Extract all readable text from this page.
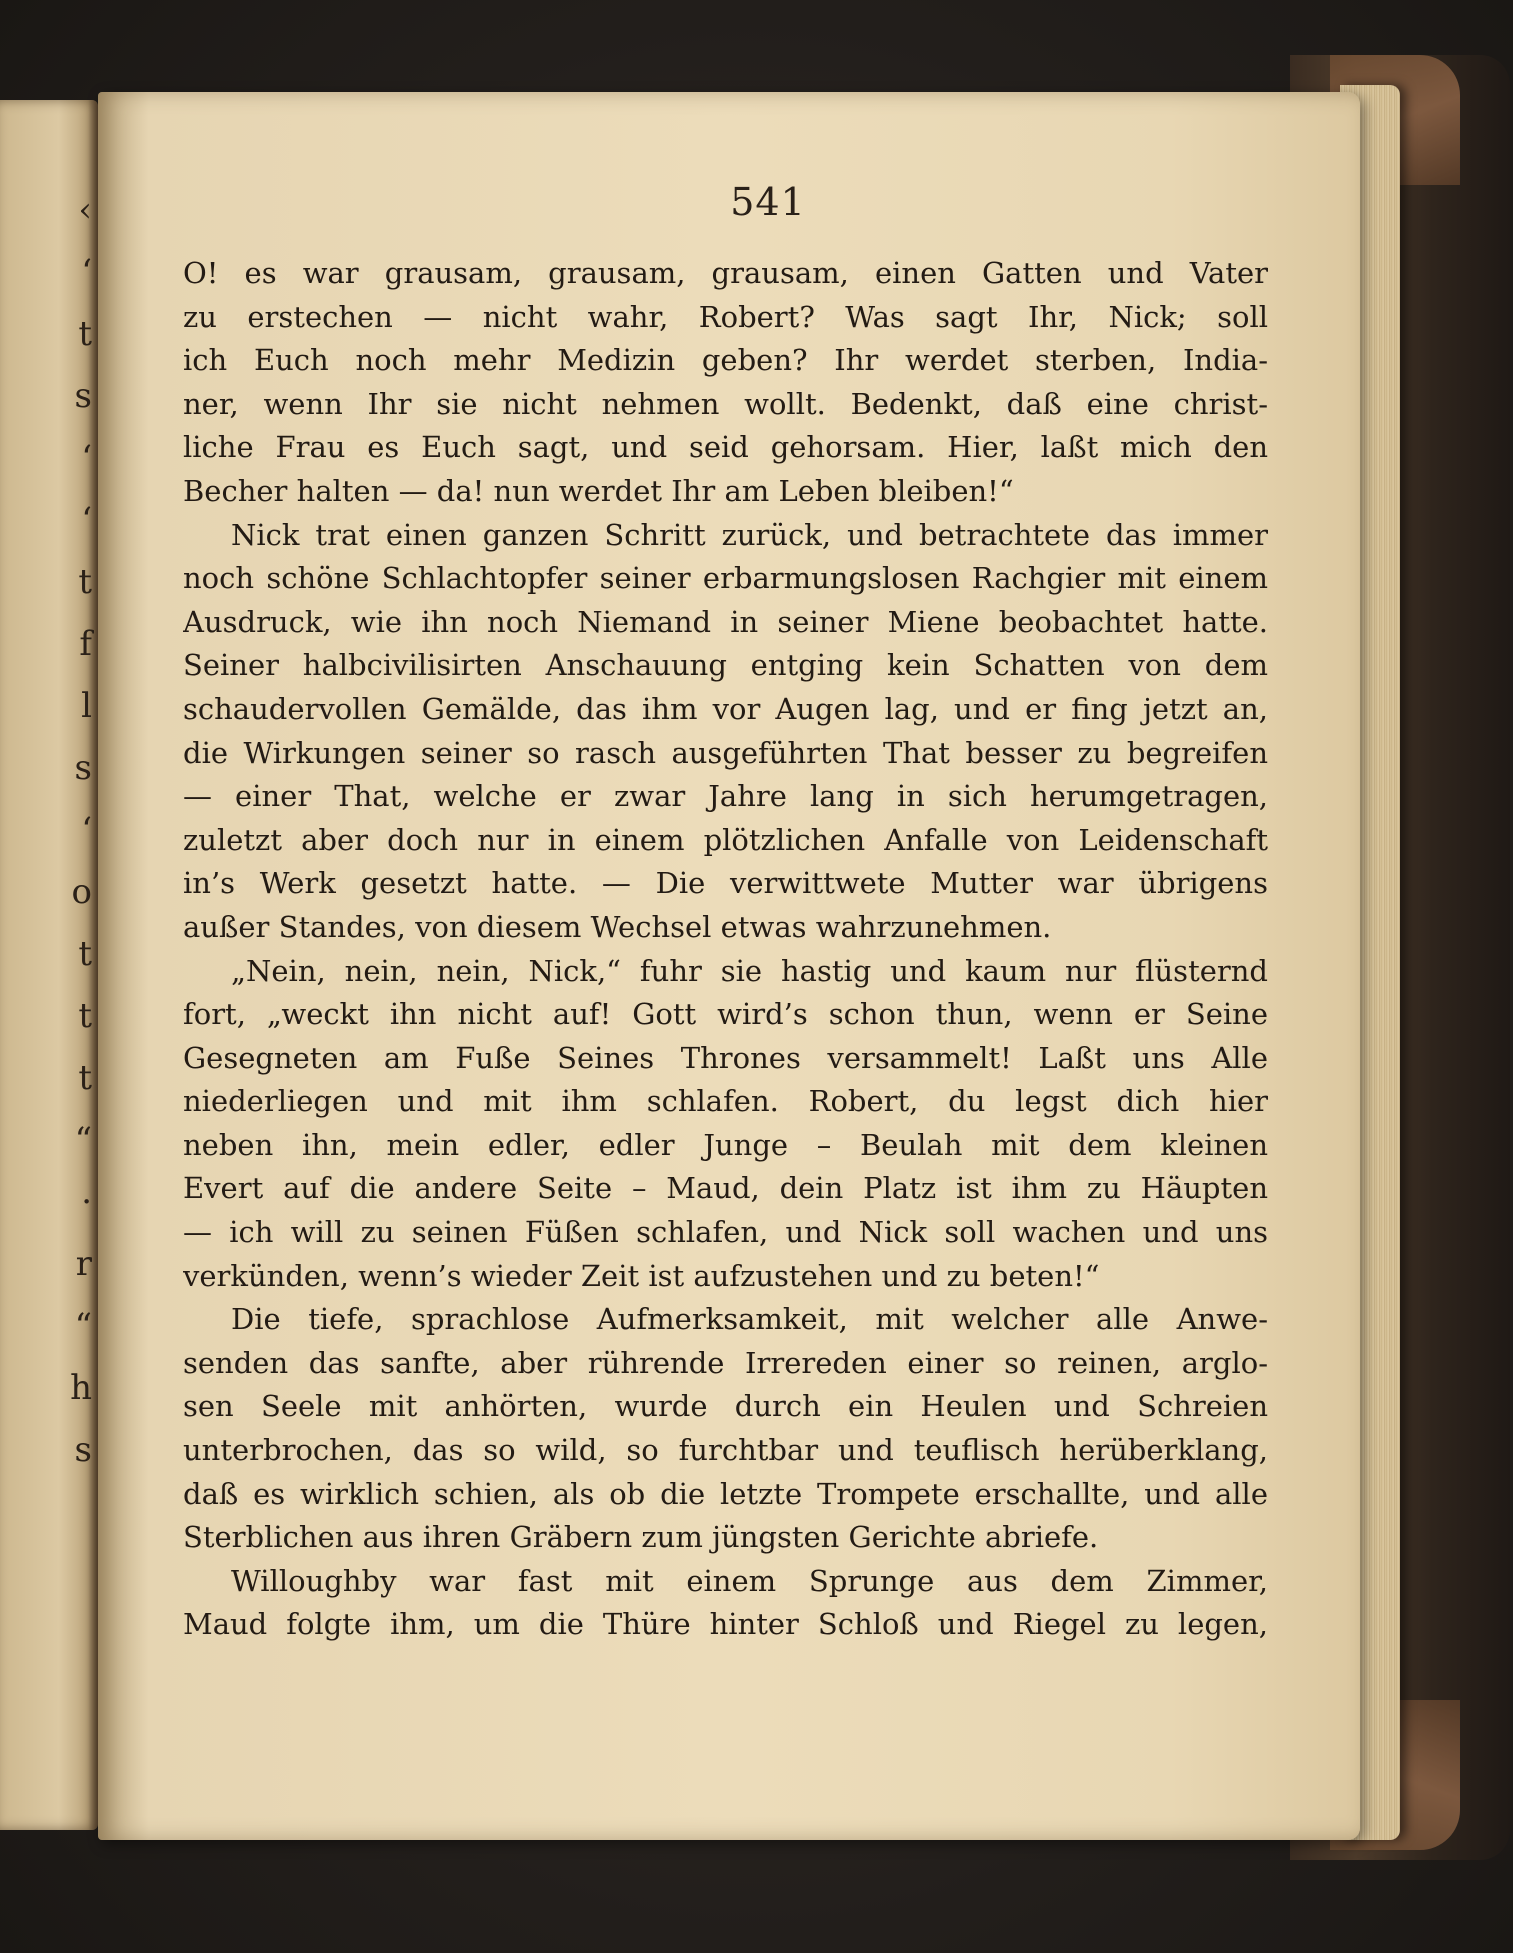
‹
‘
t
s
‘
‘
t
f
l
s
‘
o
t
t
t
“
·
r
“
h
s
541
O! es war grausam, grausam, grausam, einen Gatten und Vater
zu erstechen — nicht wahr, Robert? Was sagt Ihr, Nick; soll
ich Euch noch mehr Medizin geben? Ihr werdet sterben, India-
ner, wenn Ihr sie nicht nehmen wollt. Bedenkt, daß eine christ-
liche Frau es Euch sagt, und seid gehorsam. Hier, laßt mich den
Becher halten — da! nun werdet Ihr am Leben bleiben!“
Nick trat einen ganzen Schritt zurück, und betrachtete das immer
noch schöne Schlachtopfer seiner erbarmungslosen Rachgier mit einem
Ausdruck, wie ihn noch Niemand in seiner Miene beobachtet hatte.
Seiner halbcivilisirten Anschauung entging kein Schatten von dem
schaudervollen Gemälde, das ihm vor Augen lag, und er fing jetzt an,
die Wirkungen seiner so rasch ausgeführten That besser zu begreifen
— einer That, welche er zwar Jahre lang in sich herumgetragen,
zuletzt aber doch nur in einem plötzlichen Anfalle von Leidenschaft
in’s Werk gesetzt hatte. — Die verwittwete Mutter war übrigens
außer Standes, von diesem Wechsel etwas wahrzunehmen.
„Nein, nein, nein, Nick,“ fuhr sie hastig und kaum nur flüsternd
fort, „weckt ihn nicht auf! Gott wird’s schon thun, wenn er Seine
Gesegneten am Fuße Seines Thrones versammelt! Laßt uns Alle
niederliegen und mit ihm schlafen. Robert, du legst dich hier
neben ihn, mein edler, edler Junge – Beulah mit dem kleinen
Evert auf die andere Seite – Maud, dein Platz ist ihm zu Häupten
— ich will zu seinen Füßen schlafen, und Nick soll wachen und uns
verkünden, wenn’s wieder Zeit ist aufzustehen und zu beten!“
Die tiefe, sprachlose Aufmerksamkeit, mit welcher alle Anwe-
senden das sanfte, aber rührende Irrereden einer so reinen, arglo-
sen Seele mit anhörten, wurde durch ein Heulen und Schreien
unterbrochen, das so wild, so furchtbar und teuflisch herüberklang,
daß es wirklich schien, als ob die letzte Trompete erschallte, und alle
Sterblichen aus ihren Gräbern zum jüngsten Gerichte abriefe.
Willoughby war fast mit einem Sprunge aus dem Zimmer,
Maud folgte ihm, um die Thüre hinter Schloß und Riegel zu legen,
